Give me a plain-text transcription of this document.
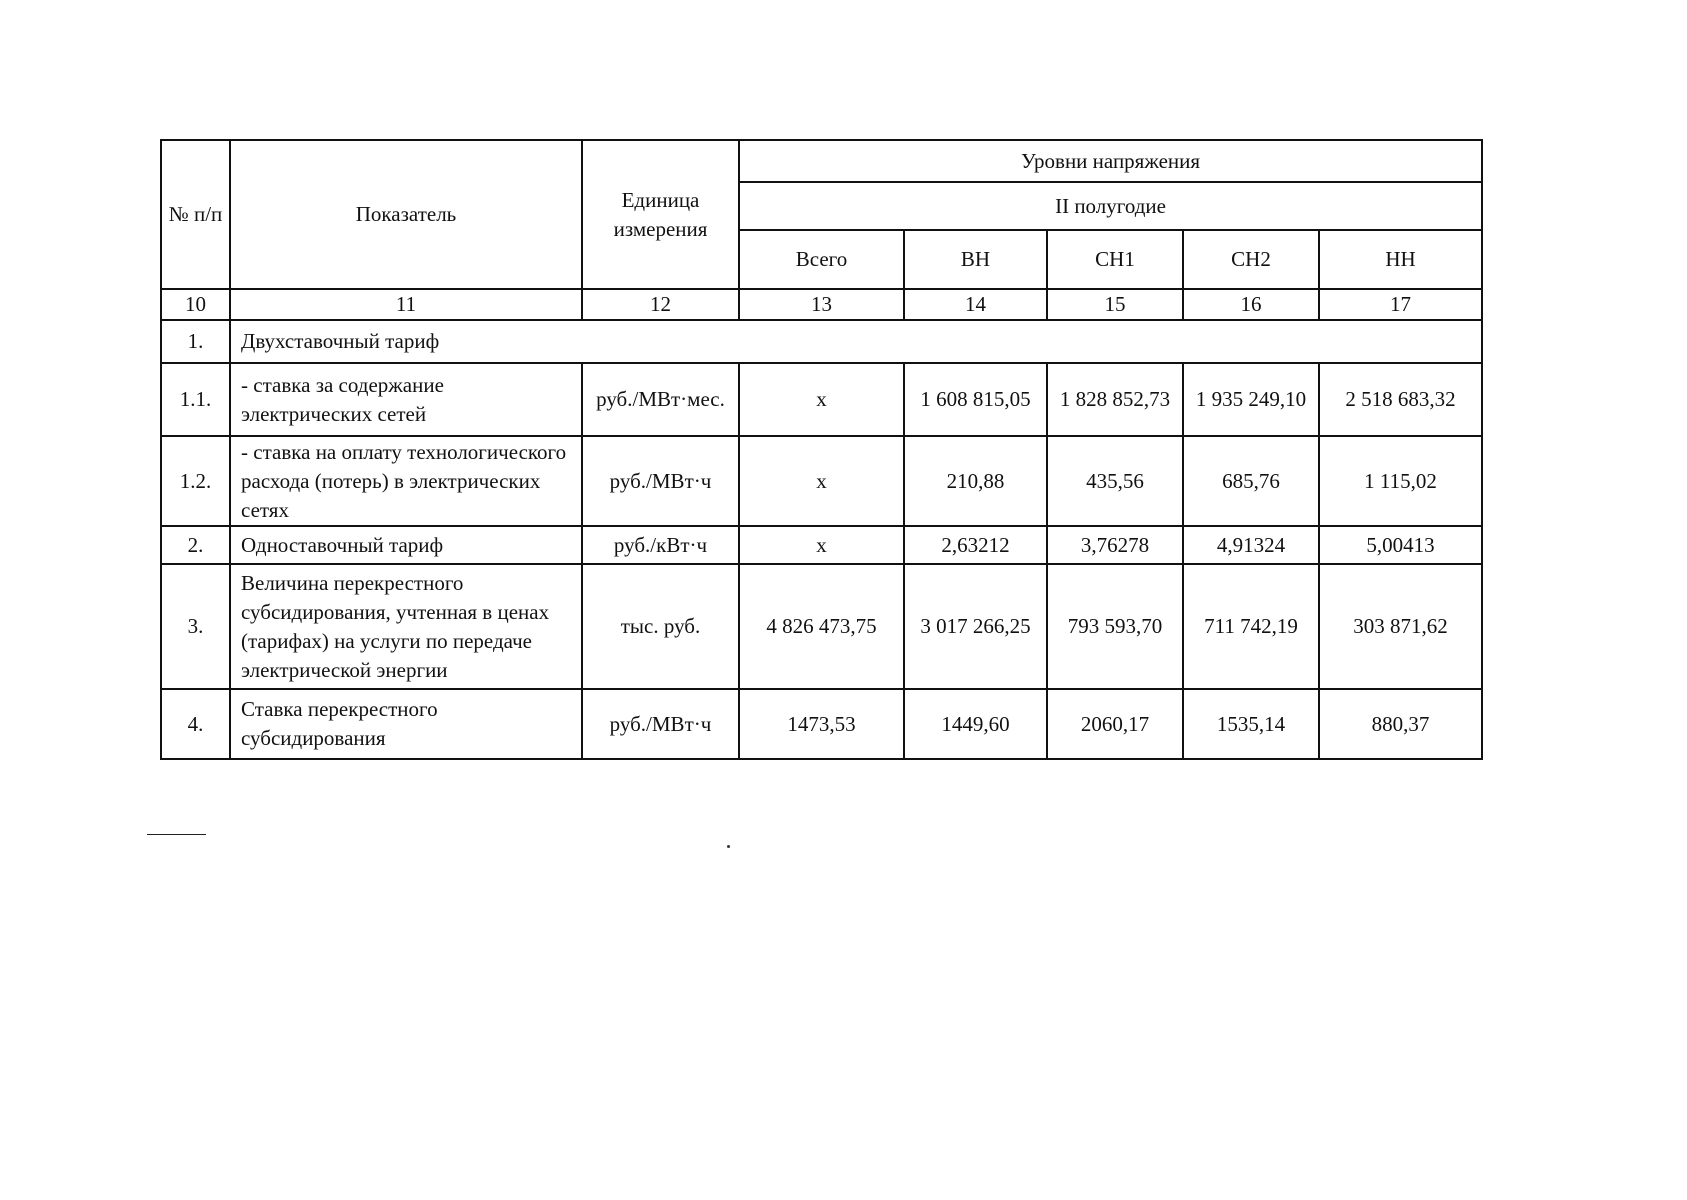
№ п/п	Показатель	Единица измерения	Уровни напряжения				
			II полугодие				
			Всего	ВН	СН1	СН2	НН
10	11	12	13	14	15	16	17
1.	Двухставочный тариф						
1.1.	- ставка за содержание электрических сетей	руб./МВт·мес.	х	1 608 815,05	1 828 852,73	1 935 249,10	2 518 683,32
1.2.	- ставка на оплату технологического расхода (потерь) в электрических сетях	руб./МВт·ч	х	210,88	435,56	685,76	1 115,02
2.	Одноставочный тариф	руб./кВт·ч	х	2,63212	3,76278	4,91324	5,00413
3.	Величина перекрестного субсидирования, учтенная в ценах (тарифах) на услуги по передаче электрической энергии	тыс. руб.	4 826 473,75	3 017 266,25	793 593,70	711 742,19	303 871,62
4.	Ставка перекрестного субсидирования	руб./МВт·ч	1473,53	1449,60	2060,17	1535,14	880,37
